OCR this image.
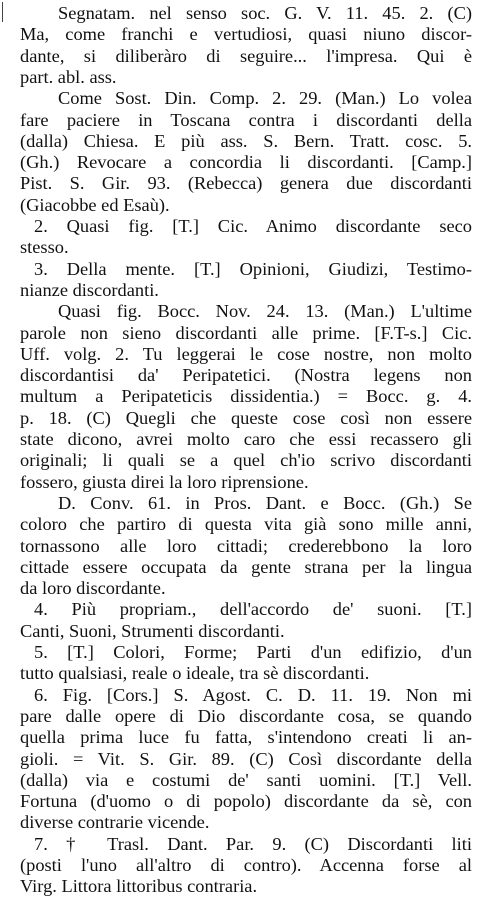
Segnatam. nel senso soc. G. V. 11. 45. 2. (C)
Ma, come franchi e vertudiosi, quasi niuno discor-
dante, si diliberàro di seguire... l'impresa. Qui è
part. abl. ass.
Come Sost. Din. Comp. 2. 29. (Man.) Lo volea
fare paciere in Toscana contra i discordanti della
(dalla) Chiesa. E più ass. S. Bern. Tratt. cosc. 5.
(Gh.) Revocare a concordia li discordanti. [Camp.]
Pist. S. Gir. 93. (Rebecca) genera due discordanti
(Giacobbe ed Esaù).
2. Quasi fig. [T.] Cic. Animo discordante seco
stesso.
3. Della mente. [T.] Opinioni, Giudizi, Testimo-
nianze discordanti.
Quasi fig. Bocc. Nov. 24. 13. (Man.) L'ultime
parole non sieno discordanti alle prime. [F.T-s.] Cic.
Uff. volg. 2. Tu leggerai le cose nostre, non molto
discordantisi da' Peripatetici. (Nostra legens non
multum a Peripateticis dissidentia.) = Bocc. g. 4.
p. 18. (C) Quegli che queste cose così non essere
state dicono, avrei molto caro che essi recassero gli
originali; li quali se a quel ch'io scrivo discordanti
fossero, giusta direi la loro riprensione.
D. Conv. 61. in Pros. Dant. e Bocc. (Gh.) Se
coloro che partiro di questa vita già sono mille anni,
tornassono alle loro cittadi; crederebbono la loro
cittade essere occupata da gente strana per la lingua
da loro discordante.
4. Più propriam., dell'accordo de' suoni. [T.]
Canti, Suoni, Strumenti discordanti.
5. [T.] Colori, Forme; Parti d'un edifizio, d'un
tutto qualsiasi, reale o ideale, tra sè discordanti.
6. Fig. [Cors.] S. Agost. C. D. 11. 19. Non mi
pare dalle opere di Dio discordante cosa, se quando
quella prima luce fu fatta, s'intendono creati li an-
gioli. = Vit. S. Gir. 89. (C) Così discordante della
(dalla) via e costumi de' santi uomini. [T.] Vell.
Fortuna (d'uomo o di popolo) discordante da sè, con
diverse contrarie vicende.
7. † Trasl. Dant. Par. 9. (C) Discordanti liti
(posti l'uno all'altro di contro). Accenna forse al
Virg. Littora littoribus contraria.
